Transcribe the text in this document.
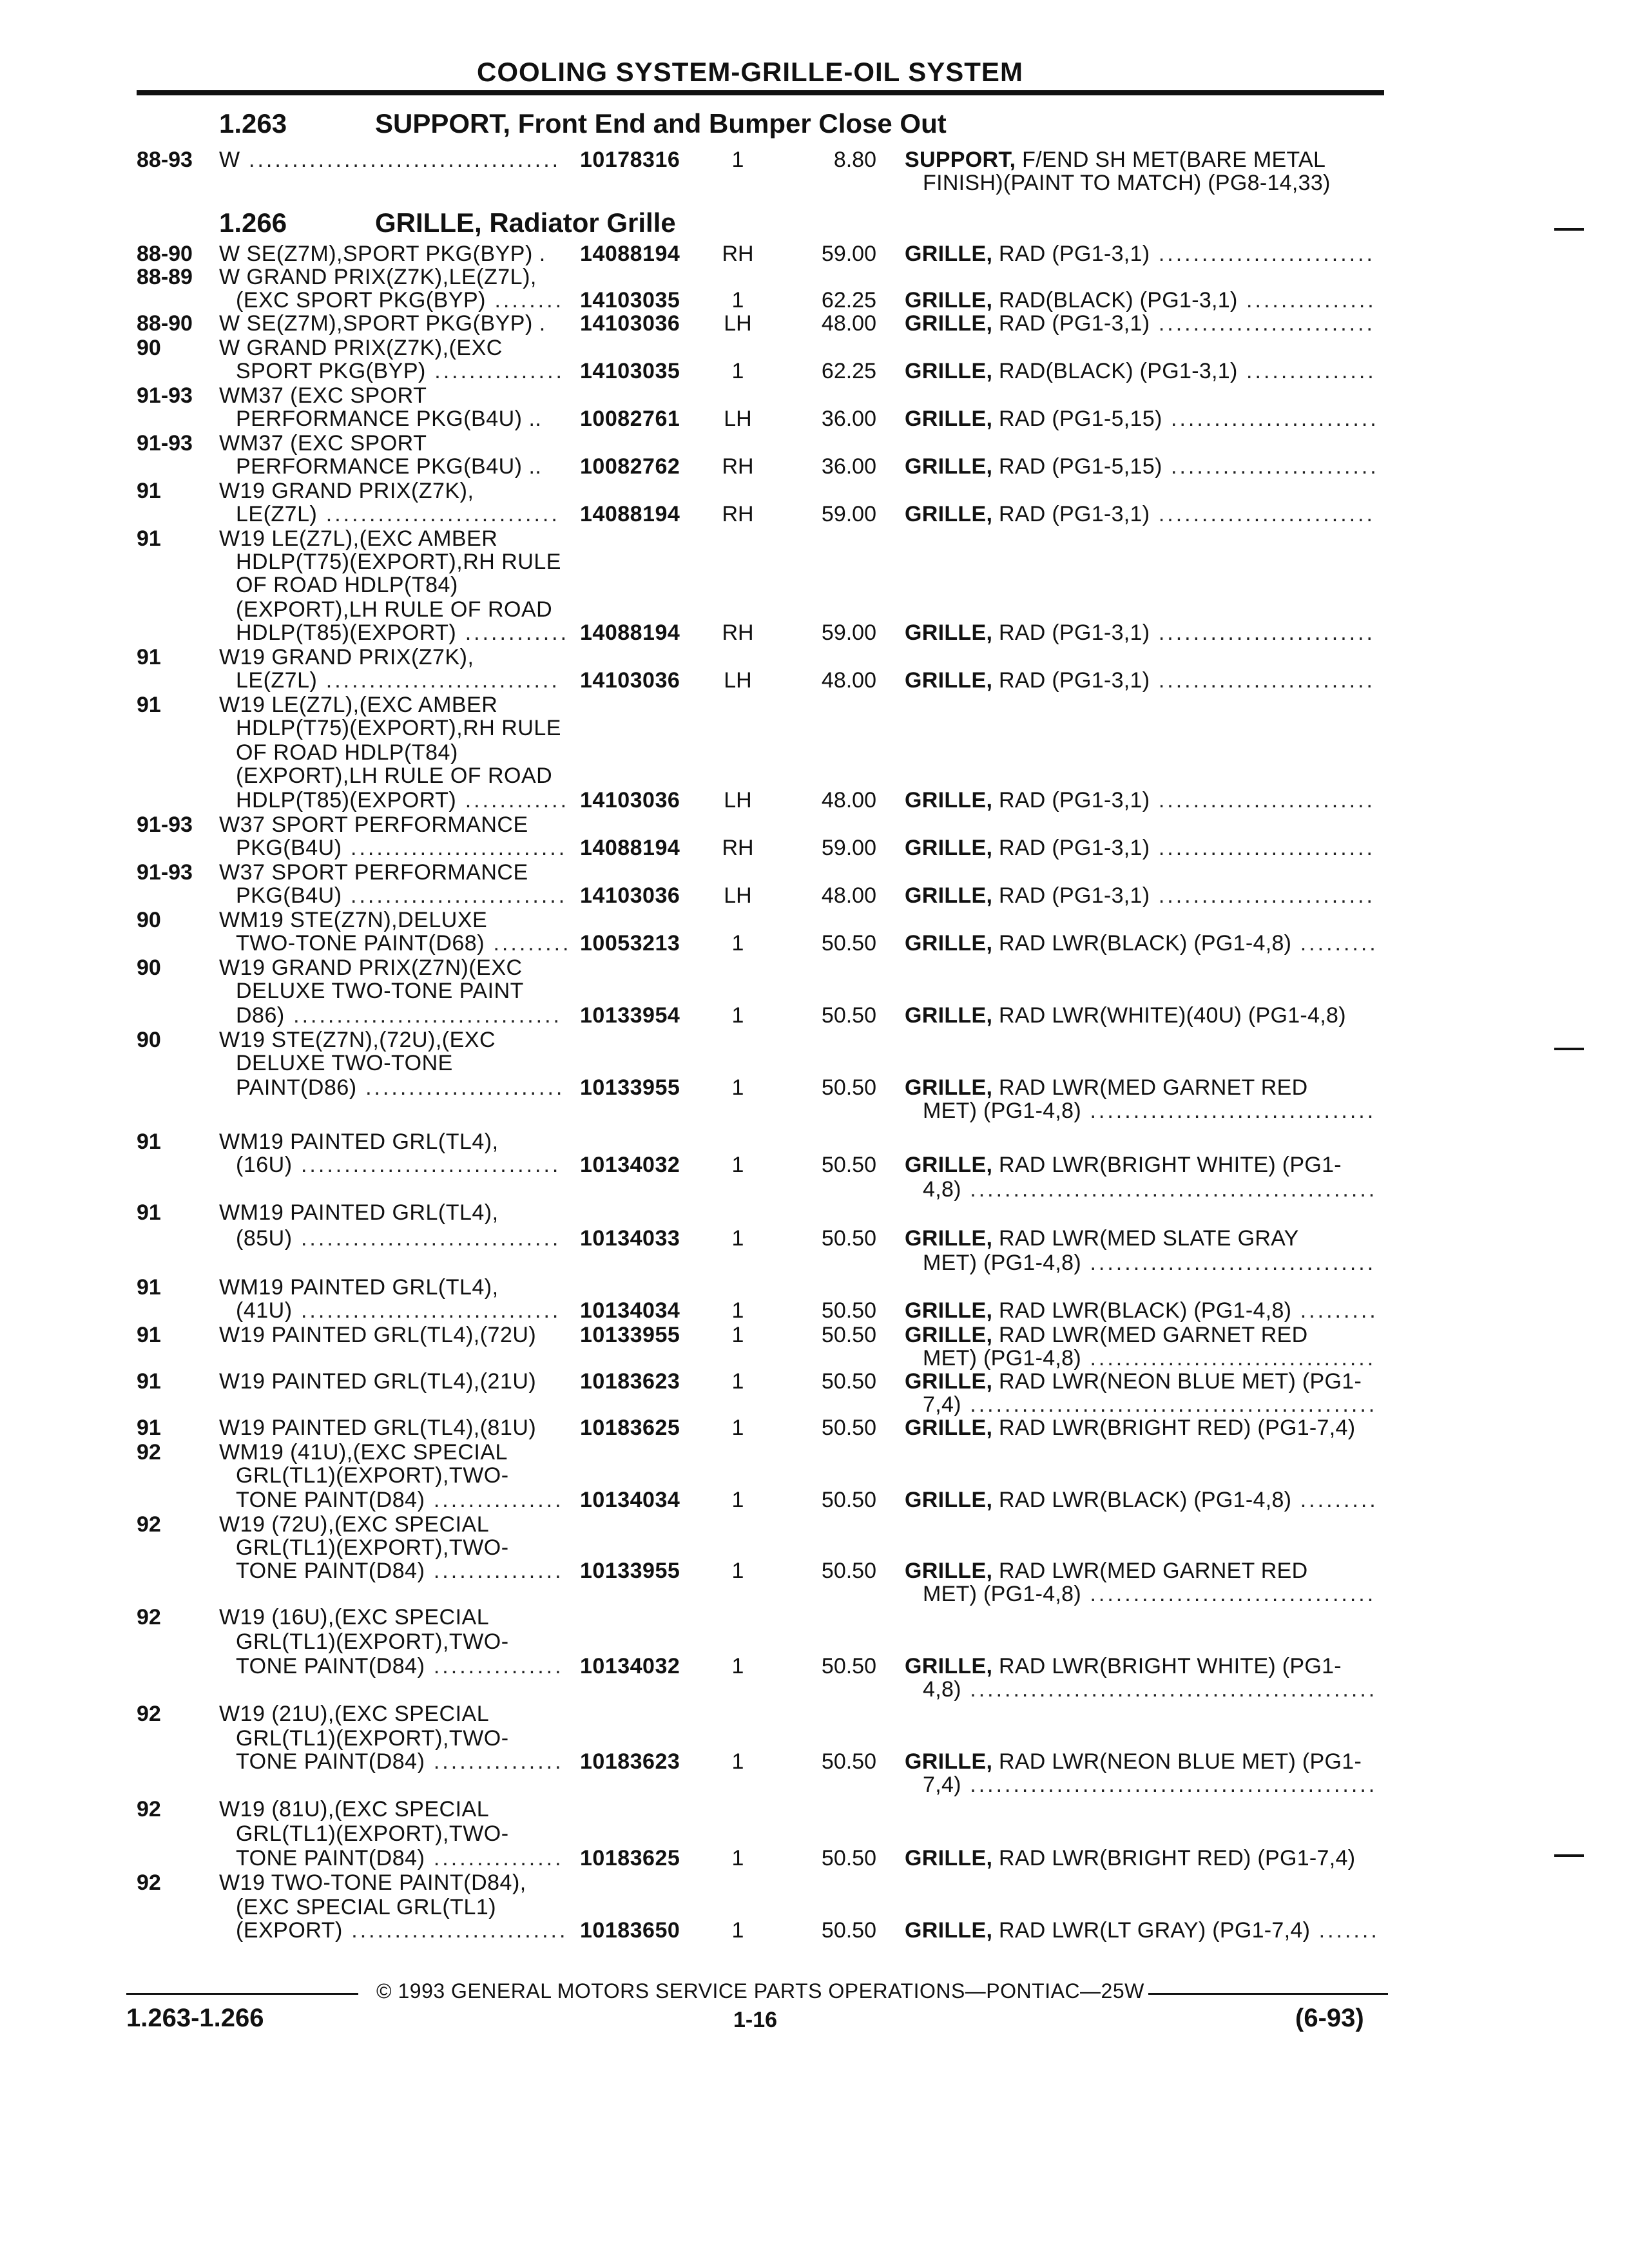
COOLING SYSTEM-GRILLE-OIL SYSTEM
1.263	SUPPORT, Front End and Bumper Close Out
1.266	GRILLE, Radiator Grille
88-93 W .................................... 10178316	1	8.80 SUPPORT, F/END SH MET(BARE METAL
FINISH)(PAINT TO MATCH) (PG8-14,33)
88-90 W SE(Z7M),SPORT PKG(BYP) . 14088194	RH	59.00 GRILLE, RAD (PG1-3,1) .........................
88-89 W GRAND PRIX(Z7K),LE(Z7L),
(EXC SPORT PKG(BYP) ........ 14103035	1	62.25 GRILLE, RAD(BLACK) (PG1-3,1) ...............
88-90 W SE(Z7M),SPORT PKG(BYP) . 14103036	LH	48.00 GRILLE, RAD (PG1-3,1) .........................
90	W GRAND PRIX(Z7K),(EXC
SPORT PKG(BYP) ............... 14103035	1	62.25 GRILLE, RAD(BLACK) (PG1-3,1) ...............
91-93 WM37 (EXC SPORT
PERFORMANCE PKG(B4U) .. 10082761	LH	36.00 GRILLE, RAD (PG1-5,15) ........................
91-93 WM37 (EXC SPORT
PERFORMANCE PKG(B4U) .. 10082762	RH	36.00 GRILLE, RAD (PG1-5,15) ........................
91	W19 GRAND PRIX(Z7K),
LE(Z7L) ........................... 14088194	RH	59.00 GRILLE, RAD (PG1-3,1) .........................
91	W19 LE(Z7L),(EXC AMBER
HDLP(T75)(EXPORT),RH RULE
OF ROAD HDLP(T84)
(EXPORT),LH RULE OF ROAD
HDLP(T85)(EXPORT) ............ 14088194	RH	59.00 GRILLE, RAD (PG1-3,1) .........................
91	W19 GRAND PRIX(Z7K),
LE(Z7L) ........................... 14103036	LH	48.00 GRILLE, RAD (PG1-3,1) .........................
91	W19 LE(Z7L),(EXC AMBER
HDLP(T75)(EXPORT),RH RULE
OF ROAD HDLP(T84)
(EXPORT),LH RULE OF ROAD
HDLP(T85)(EXPORT) ............ 14103036	LH	48.00 GRILLE, RAD (PG1-3,1) .........................
91-93 W37 SPORT PERFORMANCE
PKG(B4U) ......................... 14088194	RH	59.00 GRILLE, RAD (PG1-3,1) .........................
91-93 W37 SPORT PERFORMANCE
PKG(B4U) ......................... 14103036	LH	48.00 GRILLE, RAD (PG1-3,1) .........................
90	WM19 STE(Z7N),DELUXE
TWO-TONE PAINT(D68) ......... 10053213	1	50.50 GRILLE, RAD LWR(BLACK) (PG1-4,8) .........
90	W19 GRAND PRIX(Z7N)(EXC
DELUXE TWO-TONE PAINT
D86) ............................... 10133954	1	50.50 GRILLE, RAD LWR(WHITE)(40U) (PG1-4,8)
90	W19 STE(Z7N),(72U),(EXC
DELUXE TWO-TONE
PAINT(D86) ....................... 10133955	1	50.50 GRILLE, RAD LWR(MED GARNET RED
MET) (PG1-4,8) .................................
91	WM19 PAINTED GRL(TL4),
(16U) .............................. 10134032	1	50.50 GRILLE, RAD LWR(BRIGHT WHITE) (PG1-
4,8) ...............................................
91	WM19 PAINTED GRL(TL4),
(85U) .............................. 10134033	1	50.50 GRILLE, RAD LWR(MED SLATE GRAY
MET) (PG1-4,8) .................................
91	WM19 PAINTED GRL(TL4),
(41U) .............................. 10134034	1	50.50 GRILLE, RAD LWR(BLACK) (PG1-4,8) .........
91	W19 PAINTED GRL(TL4),(72U) 10133955	1	50.50 GRILLE, RAD LWR(MED GARNET RED
MET) (PG1-4,8) .................................
91	W19 PAINTED GRL(TL4),(21U) 10183623	1	50.50 GRILLE, RAD LWR(NEON BLUE MET) (PG1-
7,4) ...............................................
91	W19 PAINTED GRL(TL4),(81U) 10183625	1	50.50 GRILLE, RAD LWR(BRIGHT RED) (PG1-7,4)
92	WM19 (41U),(EXC SPECIAL
GRL(TL1)(EXPORT),TWO-
TONE PAINT(D84) ............... 10134034	1	50.50 GRILLE, RAD LWR(BLACK) (PG1-4,8) .........
92	W19 (72U),(EXC SPECIAL
GRL(TL1)(EXPORT),TWO-
TONE PAINT(D84) ............... 10133955	1	50.50 GRILLE, RAD LWR(MED GARNET RED
MET) (PG1-4,8) .................................
92	W19 (16U),(EXC SPECIAL
GRL(TL1)(EXPORT),TWO-
TONE PAINT(D84) ............... 10134032	1	50.50 GRILLE, RAD LWR(BRIGHT WHITE) (PG1-
4,8) ...............................................
92	W19 (21U),(EXC SPECIAL
GRL(TL1)(EXPORT),TWO-
TONE PAINT(D84) ............... 10183623	1	50.50 GRILLE, RAD LWR(NEON BLUE MET) (PG1-
7,4) ...............................................
92	W19 (81U),(EXC SPECIAL
GRL(TL1)(EXPORT),TWO-
TONE PAINT(D84) ............... 10183625	1	50.50 GRILLE, RAD LWR(BRIGHT RED) (PG1-7,4)
92	W19 TWO-TONE PAINT(D84),
(EXC SPECIAL GRL(TL1)
(EXPORT) ......................... 10183650	1	50.50 GRILLE, RAD LWR(LT GRAY) (PG1-7,4) .......
© 1993 GENERAL MOTORS SERVICE PARTS OPERATIONS—PONTIAC—25W
1.263-1.266	1-16	(6-93)
